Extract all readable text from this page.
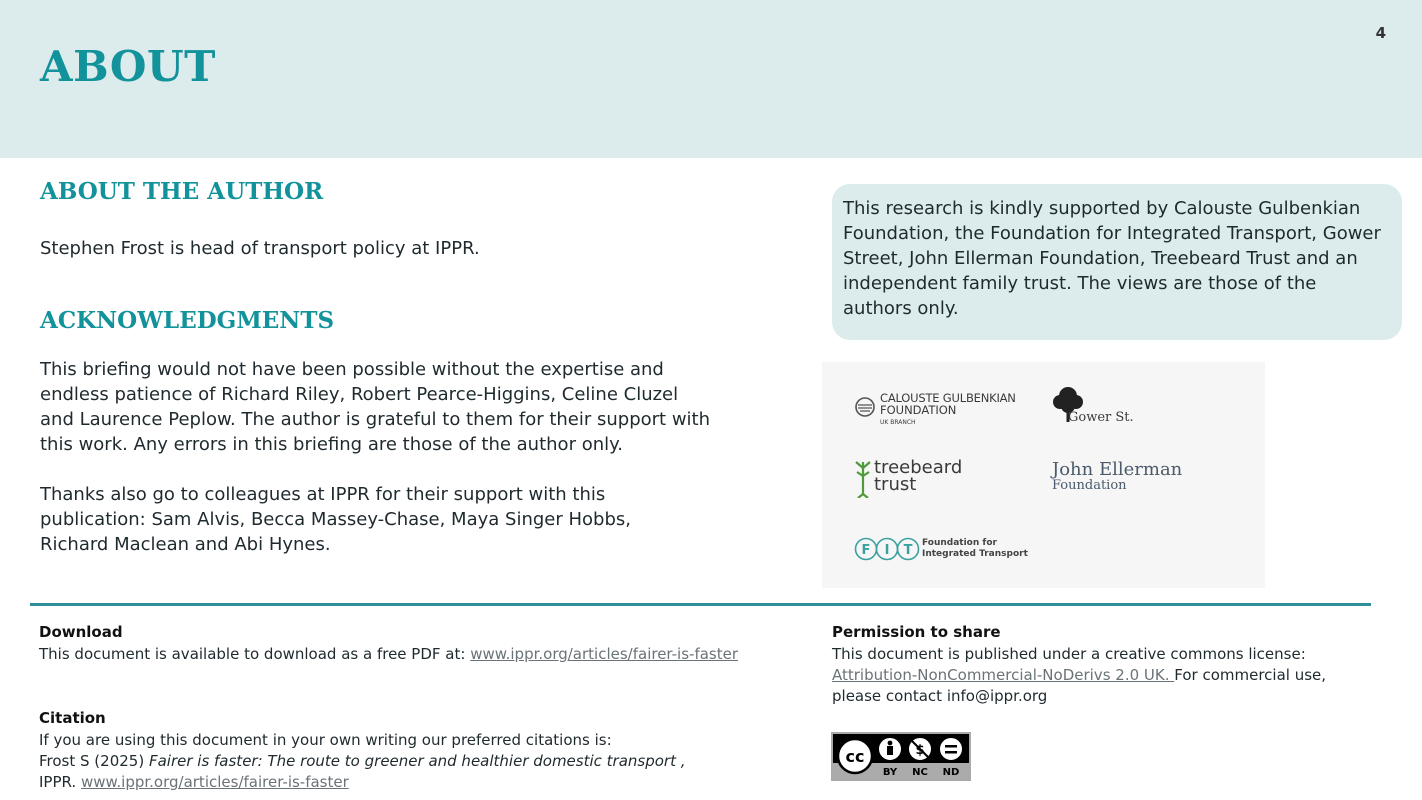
ABOUT
4
ABOUT THE AUTHOR
Stephen Frost is head of transport policy at IPPR.
ACKNOWLEDGMENTS
This briefing would not have been possible without the expertise and endless patience of Richard Riley, Robert Pearce-Higgins, Celine Cluzel and Laurence Peplow. The author is grateful to them for their support with this work. Any errors in this briefing are those of the author only.
Thanks also go to colleagues at IPPR for their support with this publication: Sam Alvis, Becca Massey-Chase, Maya Singer Hobbs, Richard Maclean and Abi Hynes.
This research is kindly supported by Calouste Gulbenkian Foundation, the Foundation for Integrated Transport, Gower Street, John Ellerman Foundation, Treebeard Trust and an independent family trust. The views are those of the authors only.
CALOUSTE GULBENKIAN
FOUNDATION
UK BRANCH	Gower St.
treebeard
trust
John Ellerman
Foundation
F I T Foundation for
Integrated Transport
Download
This document is available to download as a free PDF at: www.ippr.org/articles/fairer-is-faster
Citation
If you are using this document in your own writing our preferred citations is:
Frost S (2025) Fairer is faster: The route to greener and healthier domestic transport ,
IPPR. www.ippr.org/articles/fairer-is-faster
Permission to share
This document is published under a creative commons license:
Attribution-NonCommercial-NoDerivs 2.0 UK. For commercial use, please contact info@ippr.org
cc	$
BY NC ND
